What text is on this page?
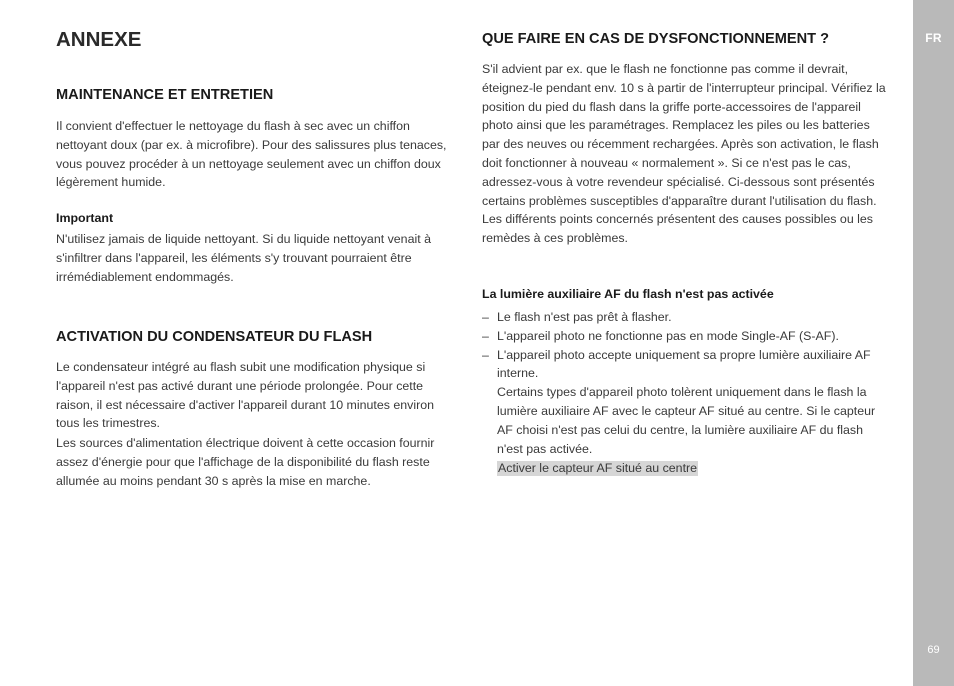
FR
69
ANNEXE
MAINTENANCE ET ENTRETIEN

Il convient d'effectuer le nettoyage du flash à sec avec un chiffon nettoyant doux (par ex. à microfibre). Pour des salissures plus tenaces, vous pouvez procéder à un nettoyage seulement avec un chiffon doux légèrement humide.

Important

N'utilisez jamais de liquide nettoyant. Si du liquide nettoyant venait à s'infiltrer dans l'appareil, les éléments s'y trouvant pourraient être irrémédiablement endommagés.

ACTIVATION DU CONDENSATEUR DU FLASH

Le condensateur intégré au flash subit une modification physique si l'appareil n'est pas activé durant une période prolongée. Pour cette raison, il est nécessaire d'activer l'appareil durant 10 minutes environ tous les trimestres.

Les sources d'alimentation électrique doivent à cette occasion fournir assez d'énergie pour que l'affichage de la disponibilité du flash reste allumée au moins pendant 30 s après la mise en marche.

QUE FAIRE EN CAS DE DYSFONCTIONNEMENT ?

S'il advient par ex. que le flash ne fonctionne pas comme il devrait, éteignez-le pendant env. 10 s à partir de l'interrupteur principal. Vérifiez la position du pied du flash dans la griffe porte-accessoires de l'appareil photo ainsi que les paramétrages. Remplacez les piles ou les batteries par des neuves ou récemment rechargées. Après son activation, le flash doit fonctionner à nouveau « normalement ». Si ce n'est pas le cas, adressez-vous à votre revendeur spécialisé. Ci-dessous sont présentés certains problèmes susceptibles d'apparaître durant l'utilisation du flash. Les différents points concernés présentent des causes possibles ou les remèdes à ces problèmes.

La lumière auxiliaire AF du flash n'est pas activée

– Le flash n'est pas prêt à flasher.
– L'appareil photo ne fonctionne pas en mode Single-AF (S-AF).
– L'appareil photo accepte uniquement sa propre lumière auxiliaire AF interne.
Certains types d'appareil photo tolèrent uniquement dans le flash la lumière auxiliaire AF avec le capteur AF situé au centre. Si le capteur AF choisi n'est pas celui du centre, la lumière auxiliaire AF du flash n'est pas activée.
Activer le capteur AF situé au centre
